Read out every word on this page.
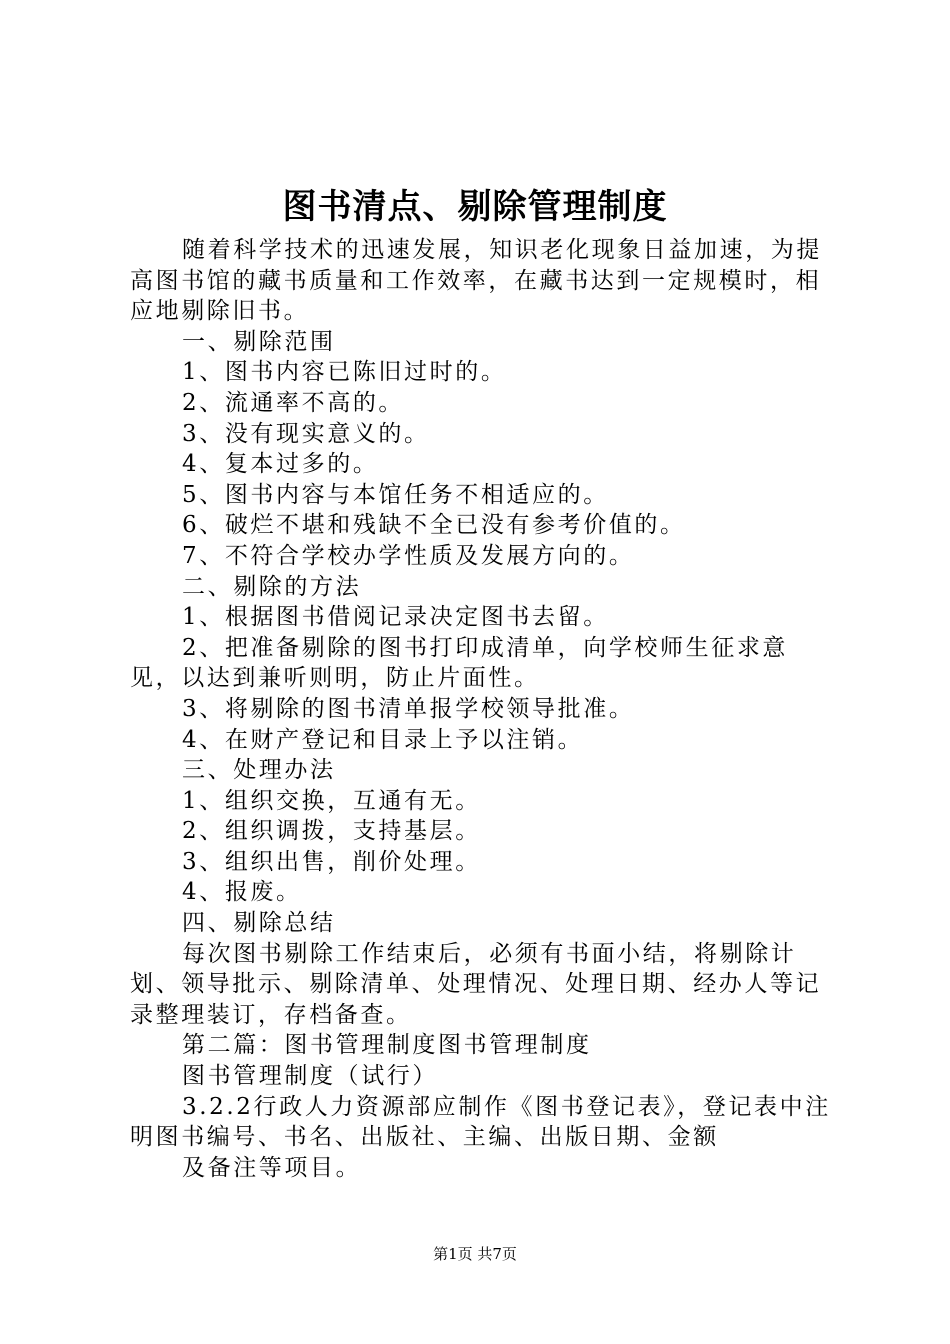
图书清点、剔除管理制度

随着科学技术的迅速发展，知识老化现象日益加速，为提高图书馆的藏书质量和工作效率，在藏书达到一定规模时，相应地剔除旧书。

一、剔除范围

1、图书内容已陈旧过时的。

2、流通率不高的。

3、没有现实意义的。

4、复本过多的。

5、图书内容与本馆任务不相适应的。

6、破烂不堪和残缺不全已没有参考价值的。

7、不符合学校办学性质及发展方向的。

二、剔除的方法

1、根据图书借阅记录决定图书去留。

2、把准备剔除的图书打印成清单，向学校师生征求意见，以达到兼听则明，防止片面性。

3、将剔除的图书清单报学校领导批准。

4、在财产登记和目录上予以注销。

三、处理办法

1、组织交换，互通有无。

2、组织调拨，支持基层。

3、组织出售，削价处理。

4、报废。

四、剔除总结

每次图书剔除工作结束后，必须有书面小结，将剔除计划、领导批示、剔除清单、处理情况、处理日期、经办人等记录整理装订，存档备查。

第二篇：图书管理制度图书管理制度

图书管理制度（试行）

3.2.2行政人力资源部应制作《图书登记表》，登记表中注明图书编号、书名、出版社、主编、出版日期、金额

及备注等项目。

第1页 共7页
